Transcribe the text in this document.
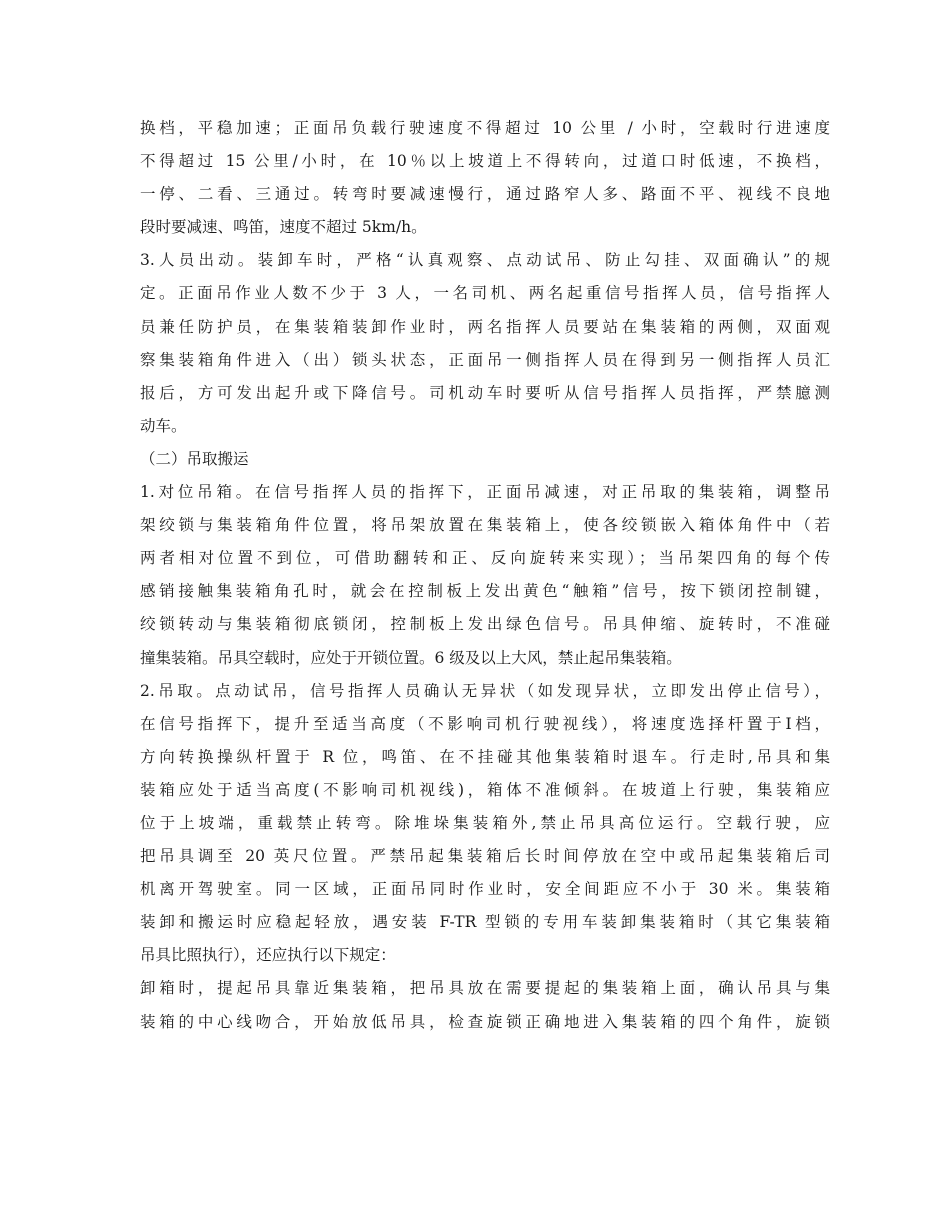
换档，平稳加速；正面吊负载行驶速度不得超过 10 公里 / 小时，空载时行进速度
不得超过 15 公里/小时，在 10％以上坡道上不得转向，过道口时低速，不换档，
一停、二看、三通过。转弯时要减速慢行，通过路窄人多、路面不平、视线不良地
段时要减速、鸣笛，速度不超过 5km/h。
3.人员出动。装卸车时，严格“认真观察、点动试吊、防止勾挂、双面确认”的规
定。正面吊作业人数不少于 3 人，一名司机、两名起重信号指挥人员，信号指挥人
员兼任防护员，在集装箱装卸作业时，两名指挥人员要站在集装箱的两侧，双面观
察集装箱角件进入（出）锁头状态，正面吊一侧指挥人员在得到另一侧指挥人员汇
报后，方可发出起升或下降信号。司机动车时要听从信号指挥人员指挥，严禁臆测
动车。
（二）吊取搬运
1.对位吊箱。在信号指挥人员的指挥下，正面吊减速，对正吊取的集装箱，调整吊
架绞锁与集装箱角件位置，将吊架放置在集装箱上，使各绞锁嵌入箱体角件中（若
两者相对位置不到位，可借助翻转和正、反向旋转来实现）；当吊架四角的每个传
感销接触集装箱角孔时，就会在控制板上发出黄色“触箱”信号，按下锁闭控制键，
绞锁转动与集装箱彻底锁闭，控制板上发出绿色信号。吊具伸缩、旋转时，不准碰
撞集装箱。吊具空载时，应处于开锁位置。6 级及以上大风，禁止起吊集装箱。
2.吊取。点动试吊，信号指挥人员确认无异状（如发现异状，立即发出停止信号），
在信号指挥下，提升至适当高度（不影响司机行驶视线），将速度选择杆置于Ⅰ档，
方向转换操纵杆置于 R 位，鸣笛、在不挂碰其他集装箱时退车。行走时,吊具和集
装箱应处于适当高度(不影响司机视线)，箱体不准倾斜。在坡道上行驶，集装箱应
位于上坡端，重载禁止转弯。除堆垛集装箱外,禁止吊具高位运行。空载行驶，应
把吊具调至 20 英尺位置。严禁吊起集装箱后长时间停放在空中或吊起集装箱后司
机离开驾驶室。同一区域，正面吊同时作业时，安全间距应不小于 30 米。集装箱
装卸和搬运时应稳起轻放，遇安装 F-TR 型锁的专用车装卸集装箱时（其它集装箱
吊具比照执行），还应执行以下规定：
卸箱时，提起吊具靠近集装箱，把吊具放在需要提起的集装箱上面，确认吊具与集
装箱的中心线吻合，开始放低吊具，检查旋锁正确地进入集装箱的四个角件，旋锁
